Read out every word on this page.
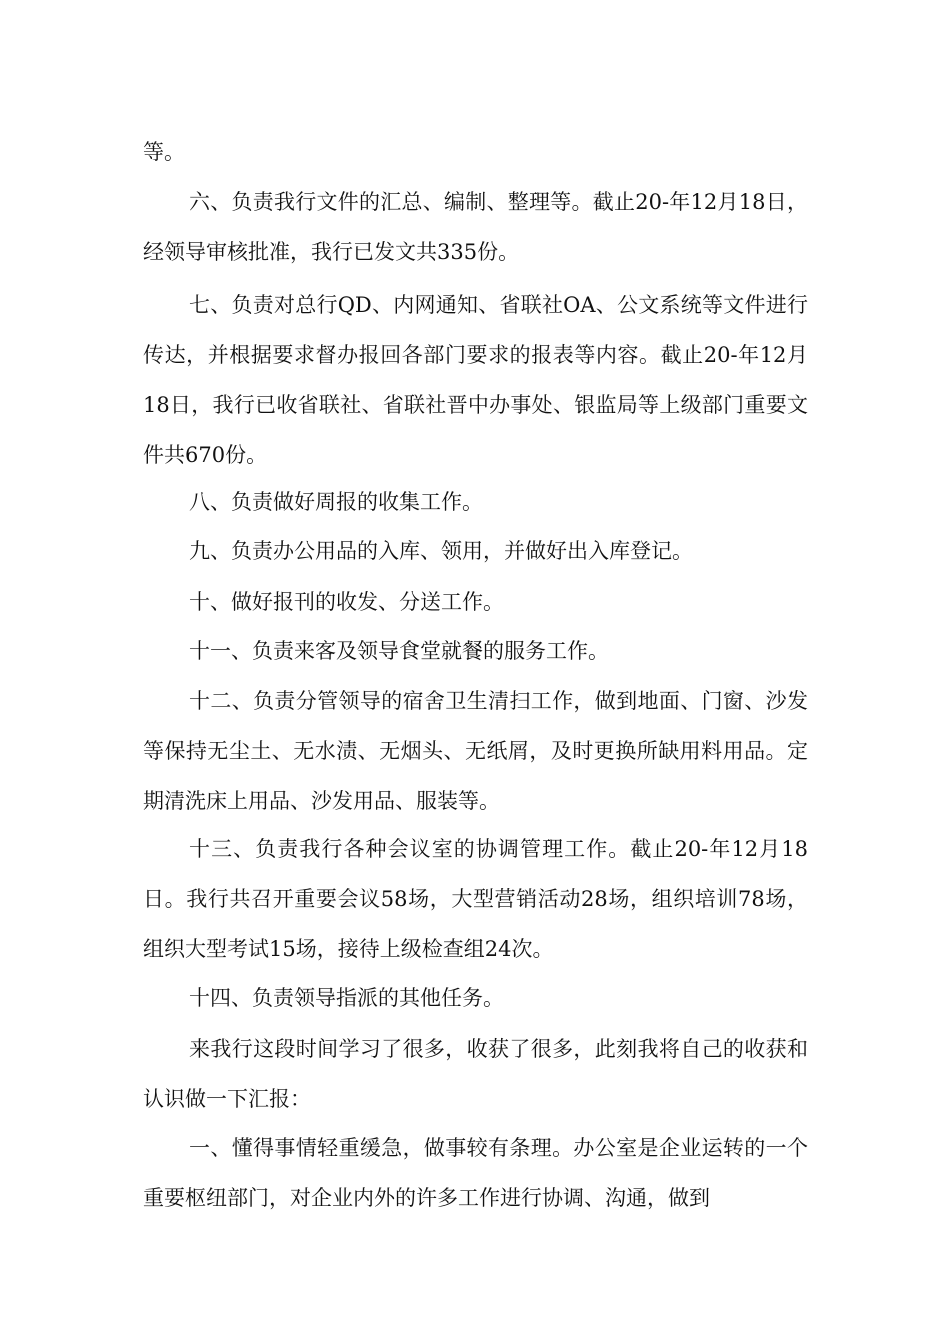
等。

六、负责我行文件的汇总、编制、整理等。截止20-年12月18日，经领导审核批准，我行已发文共335份。

七、负责对总行QD、内网通知、省联社OA、公文系统等文件进行传达，并根据要求督办报回各部门要求的报表等内容。截止20-年12月18日，我行已收省联社、省联社晋中办事处、银监局等上级部门重要文件共670份。

八、负责做好周报的收集工作。

九、负责办公用品的入库、领用，并做好出入库登记。

十、做好报刊的收发、分送工作。

十一、负责来客及领导食堂就餐的服务工作。

十二、负责分管领导的宿舍卫生清扫工作，做到地面、门窗、沙发等保持无尘土、无水渍、无烟头、无纸屑，及时更换所缺用料用品。定期清洗床上用品、沙发用品、服装等。

十三、负责我行各种会议室的协调管理工作。截止20-年12月18日。我行共召开重要会议58场，大型营销活动28场，组织培训78场，组织大型考试15场，接待上级检查组24次。

十四、负责领导指派的其他任务。

来我行这段时间学习了很多，收获了很多，此刻我将自己的收获和认识做一下汇报：

一、懂得事情轻重缓急，做事较有条理。办公室是企业运转的一个重要枢纽部门，对企业内外的许多工作进行协调、沟通，做到
